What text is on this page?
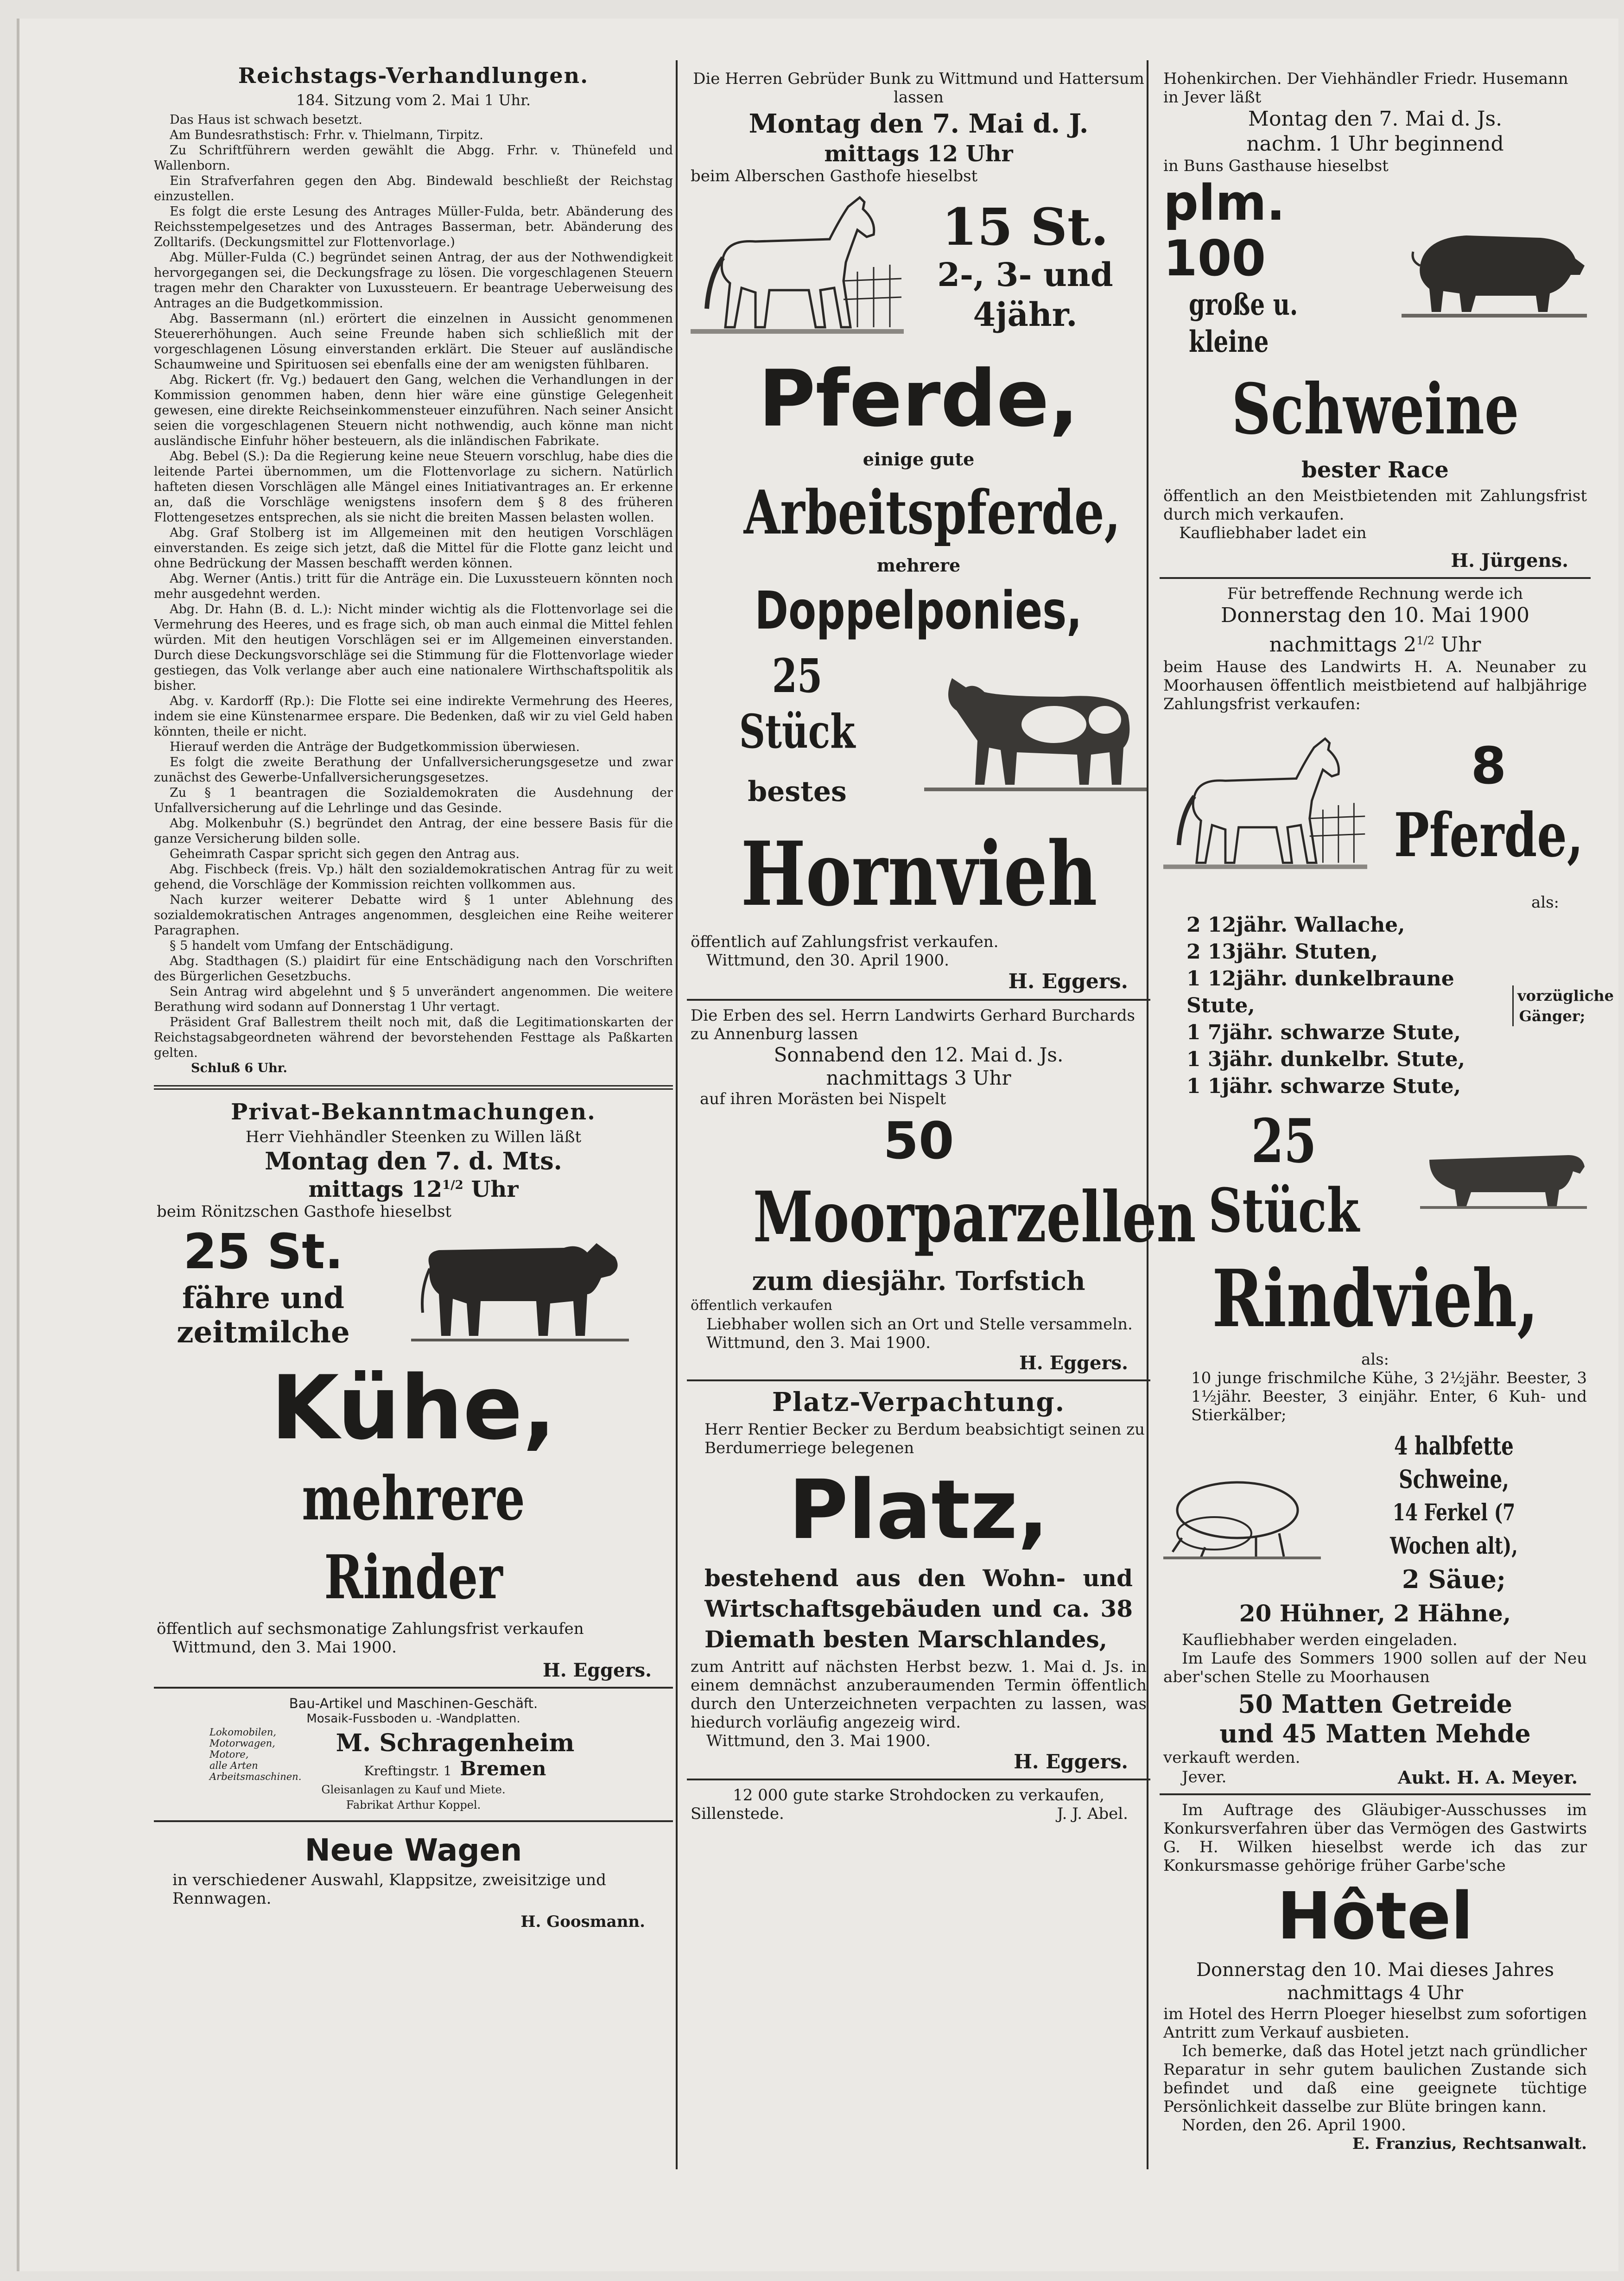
Reichstags-Verhandlungen.

184. Sitzung vom 2. Mai 1 Uhr.

Das Haus ist schwach besetzt.

Am Bundesrathstisch: Frhr. v. Thielmann, Tirpitz.

Zu Schriftführern werden gewählt die Abgg. Frhr. v. Thünefeld und Wallenborn.

Ein Strafverfahren gegen den Abg. Bindewald beschließt der Reichstag einzustellen.

Es folgt die erste Lesung des Antrages Müller-Fulda, betr. Abänderung des Reichsstempelgesetzes und des Antrages Basserman, betr. Abänderung des Zolltarifs. (Deckungsmittel zur Flottenvorlage.)

Abg. Müller-Fulda (C.) begründet seinen Antrag, der aus der Nothwendigkeit hervorgegangen sei, die Deckungsfrage zu lösen. Die vorgeschlagenen Steuern tragen mehr den Charakter von Luxussteuern. Er beantrage Ueberweisung des Antrages an die Budgetkommission.

Abg. Bassermann (nl.) erörtert die einzelnen in Aussicht genommenen Steuererhöhungen. Auch seine Freunde haben sich schließlich mit der vorgeschlagenen Lösung einverstanden erklärt. Die Steuer auf ausländische Schaumweine und Spirituosen sei ebenfalls eine der am wenigsten fühlbaren.

Abg. Rickert (fr. Vg.) bedauert den Gang, welchen die Verhandlungen in der Kommission genommen haben, denn hier wäre eine günstige Gelegenheit gewesen, eine direkte Reichseinkommensteuer einzuführen. Nach seiner Ansicht seien die vorgeschlagenen Steuern nicht nothwendig, auch könne man nicht ausländische Einfuhr höher besteuern, als die inländischen Fabrikate.

Abg. Bebel (S.): Da die Regierung keine neue Steuern vorschlug, habe dies die leitende Partei übernommen, um die Flottenvorlage zu sichern. Natürlich hafteten diesen Vorschlägen alle Mängel eines Initiativantrages an. Er erkenne an, daß die Vorschläge wenigstens insofern dem § 8 des früheren Flottengesetzes entsprechen, als sie nicht die breiten Massen belasten wollen.

Abg. Graf Stolberg ist im Allgemeinen mit den heutigen Vorschlägen einverstanden. Es zeige sich jetzt, daß die Mittel für die Flotte ganz leicht und ohne Bedrückung der Massen beschafft werden können.

Abg. Werner (Antis.) tritt für die Anträge ein. Die Luxussteuern könnten noch mehr ausgedehnt werden.

Abg. Dr. Hahn (B. d. L.): Nicht minder wichtig als die Flottenvorlage sei die Vermehrung des Heeres, und es frage sich, ob man auch einmal die Mittel fehlen würden. Mit den heutigen Vorschlägen sei er im Allgemeinen einverstanden. Durch diese Deckungsvorschläge sei die Stimmung für die Flottenvorlage wieder gestiegen, das Volk verlange aber auch eine nationalere Wirthschaftspolitik als bisher.

Abg. v. Kardorff (Rp.): Die Flotte sei eine indirekte Vermehrung des Heeres, indem sie eine Künstenarmee erspare. Die Bedenken, daß wir zu viel Geld haben könnten, theile er nicht.

Hierauf werden die Anträge der Budgetkommission überwiesen.

Es folgt die zweite Berathung der Unfallversicherungsgesetze und zwar zunächst des Gewerbe-Unfallversicherungsgesetzes.

Zu § 1 beantragen die Sozialdemokraten die Ausdehnung der Unfallversicherung auf die Lehrlinge und das Gesinde.

Abg. Molkenbuhr (S.) begründet den Antrag, der eine bessere Basis für die ganze Versicherung bilden solle.

Geheimrath Caspar spricht sich gegen den Antrag aus.

Abg. Fischbeck (freis. Vp.) hält den sozialdemokratischen Antrag für zu weit gehend, die Vorschläge der Kommission reichten vollkommen aus.

Nach kurzer weiterer Debatte wird § 1 unter Ablehnung des sozialdemokratischen Antrages angenommen, desgleichen eine Reihe weiterer Paragraphen.

§ 5 handelt vom Umfang der Entschädigung.

Abg. Stadthagen (S.) plaidirt für eine Entschädigung nach den Vorschriften des Bürgerlichen Gesetzbuchs.

Sein Antrag wird abgelehnt und § 5 unverändert angenommen. Die weitere Berathung wird sodann auf Donnerstag 1 Uhr vertagt.

Präsident Graf Ballestrem theilt noch mit, daß die Legitimationskarten der Reichstagsabgeordneten während der bevorstehenden Festtage als Paßkarten gelten.

Schluß 6 Uhr.

Privat-Bekanntmachungen.

Herr Viehhändler Steenken zu Willen läßt

Montag den 7. d. Mts.

mittags $12^{1/2}$ Uhr

beim Rönitzschen Gasthofe hieselbst

25 St.

fähre und

zeitmilche

Kühe,

mehrere Rinder

öffentlich auf sechsmonatige Zahlungsfrist verkaufen

Wittmund, den 3. Mai 1900.

H. Eggers.

Bau-Artikel und Maschinen-Geschäft.

Mosaik-Fussboden u. -Wandplatten.

Lokomobilen,
Motorwagen,
Motore,
alle Arten Arbeitsmaschinen.
M. Schragenheim
Kreftingstr. 1 Bremen

Gleisanlagen zu Kauf und Miete.

Fabrikat Arthur Koppel.

Neue Wagen

in verschiedener Auswahl, Klappsitze, zweisitzige und Rennwagen.

H. Goosmann.

Die Herren Gebrüder Bunk zu Wittmund und Hattersum lassen

Montag den 7. Mai d. J.

mittags 12 Uhr

beim Alberschen Gasthofe hieselbst

15 St.
2-, 3- und
4jähr.

Pferde,

einige gute

Arbeitspferde,

mehrere

Doppelponies,

25 Stück
bestes

Hornvieh

öffentlich auf Zahlungsfrist verkaufen.

Wittmund, den 30. April 1900.

H. Eggers.

Die Erben des sel. Herrn Landwirts Gerhard Burchards zu Annenburg lassen

Sonnabend den 12. Mai d. Js.

nachmittags 3 Uhr

auf ihren Morästen bei Nispelt

50

Moorparzellen

zum diesjähr. Torfstich

öffentlich verkaufen

Liebhaber wollen sich an Ort und Stelle versammeln.

Wittmund, den 3. Mai 1900.

H. Eggers.

Platz-Verpachtung.

Herr Rentier Becker zu Berdum beabsichtigt seinen zu Berdumerriege belegenen

Platz,

bestehend aus den Wohn- und Wirtschaftsgebäuden und ca. 38 Diemath besten Marschlandes,

zum Antritt auf nächsten Herbst bezw. 1. Mai d. Js. in einem demnächst anzuberaumenden Termin öffentlich durch den Unterzeichneten verpachten zu lassen, was hiedurch vorläufig angezeig wird.

Wittmund, den 3. Mai 1900.

H. Eggers.

12 000 gute starke Strohdocken zu verkaufen,

Sillenstede.	J. J. Abel.

Hohenkirchen. Der Viehhändler Friedr. Husemann in Jever läßt

Montag den 7. Mai d. Js.

nachm. 1 Uhr beginnend

in Buns Gasthause hieselbst

plm. 100
große u. kleine

Schweine

bester Race

öffentlich an den Meistbietenden mit Zahlungsfrist durch mich verkaufen.

Kaufliebhaber ladet ein

H. Jürgens.

Für betreffende Rechnung werde ich

Donnerstag den 10. Mai 1900

nachmittags $2^{1/2}$ Uhr

beim Hause des Landwirts H. A. Neunaber zu Moorhausen öffentlich meistbietend auf halbjährige Zahlungsfrist verkaufen:

8
Pferde,

als:

2 12jähr. Wallache,
2 13jähr. Stuten,
1 12jähr. dunkelbraune Stute,
1 7jähr. schwarze Stute,
1 3jähr. dunkelbr. Stute,
1 1jähr. schwarze Stute,
vorzügliche Gänger;
25 Stück

Rindvieh,

als:

10 junge frischmilche Kühe, 3 2½jähr. Beester, 3 1½jähr. Beester, 3 einjähr. Enter, 6 Kuh- und Stierkälber;

4 halbfette Schweine,
14 Ferkel (7 Wochen alt),
2 Säue;

20 Hühner, 2 Hähne,

Kaufliebhaber werden eingeladen.

Im Laufe des Sommers 1900 sollen auf der Neu aber'schen Stelle zu Moorhausen

50 Matten Getreide

und 45 Matten Mehde

verkauft werden.

Jever.	Aukt. H. A. Meyer.

Im Auftrage des Gläubiger-Ausschusses im Konkursverfahren über das Vermögen des Gastwirts G. H. Wilken hieselbst werde ich das zur Konkursmasse gehörige früher Garbe'sche

Hôtel

Donnerstag den 10. Mai dieses Jahres

nachmittags 4 Uhr

im Hotel des Herrn Ploeger hieselbst zum sofortigen Antritt zum Verkauf ausbieten.

Ich bemerke, daß das Hotel jetzt nach gründlicher Reparatur in sehr gutem baulichen Zustande sich befindet und daß eine geeignete tüchtige Persönlichkeit dasselbe zur Blüte bringen kann.

Norden, den 26. April 1900.

E. Franzius, Rechtsanwalt.
